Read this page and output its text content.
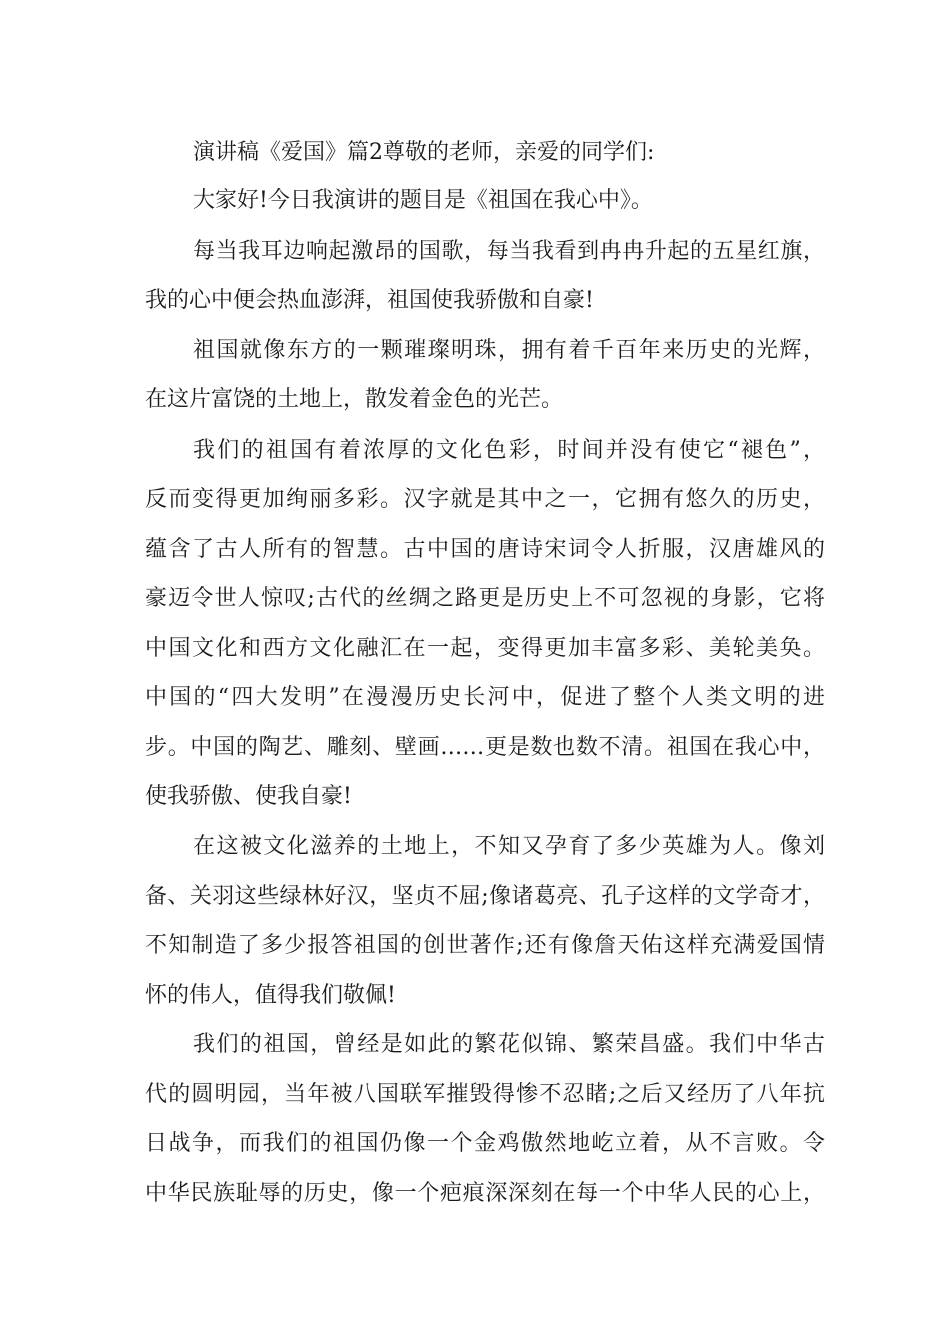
演讲稿《爱国》篇2尊敬的老师，亲爱的同学们:
大家好!今日我演讲的题目是《祖国在我心中》。
每当我耳边响起激昂的国歌，每当我看到冉冉升起的五星红旗，
我的心中便会热血澎湃，祖国使我骄傲和自豪!
祖国就像东方的一颗璀璨明珠，拥有着千百年来历史的光辉，
在这片富饶的土地上，散发着金色的光芒。
我们的祖国有着浓厚的文化色彩，时间并没有使它“褪色”，
反而变得更加绚丽多彩。汉字就是其中之一，它拥有悠久的历史，
蕴含了古人所有的智慧。古中国的唐诗宋词令人折服，汉唐雄风的
豪迈令世人惊叹;古代的丝绸之路更是历史上不可忽视的身影，它将
中国文化和西方文化融汇在一起，变得更加丰富多彩、美轮美奂。
中国的“四大发明”在漫漫历史长河中，促进了整个人类文明的进
步。中国的陶艺、雕刻、壁画……更是数也数不清。祖国在我心中，
使我骄傲、使我自豪!
在这被文化滋养的土地上，不知又孕育了多少英雄为人。像刘
备、关羽这些绿林好汉，坚贞不屈;像诸葛亮、孔子这样的文学奇才，
不知制造了多少报答祖国的创世著作;还有像詹天佑这样充满爱国情
怀的伟人，值得我们敬佩!
我们的祖国，曾经是如此的繁花似锦、繁荣昌盛。我们中华古
代的圆明园，当年被八国联军摧毁得惨不忍睹;之后又经历了八年抗
日战争，而我们的祖国仍像一个金鸡傲然地屹立着，从不言败。令
中华民族耻辱的历史，像一个疤痕深深刻在每一个中华人民的心上，
